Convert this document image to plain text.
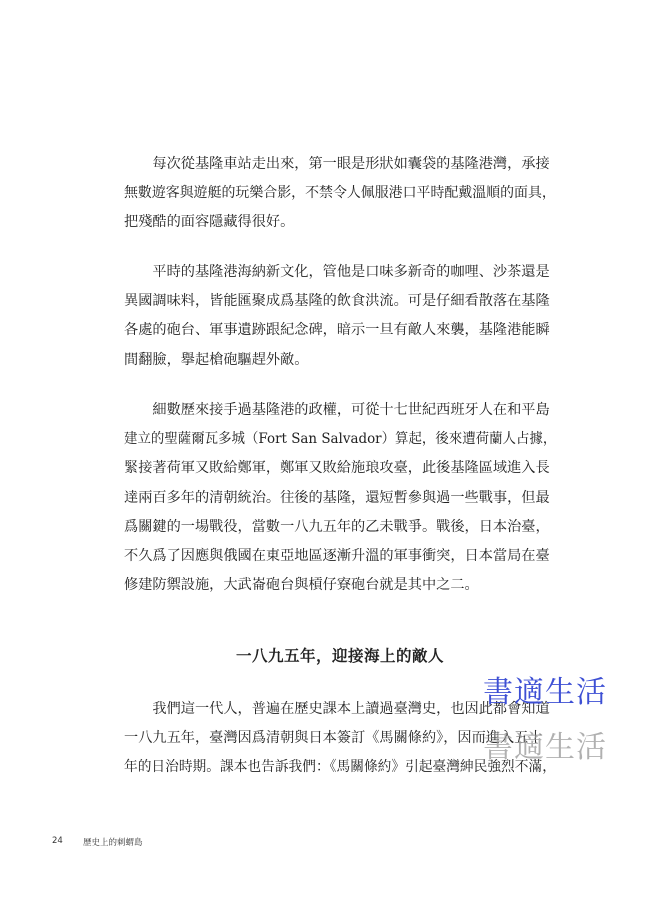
　　每次從基隆車站走出來，第一眼是形狀如囊袋的基隆港灣，承接
無數遊客與遊艇的玩樂合影，不禁令人佩服港口平時配戴溫順的面具，
把殘酷的面容隱藏得很好。

　　平時的基隆港海納新文化，管他是口味多新奇的咖哩、沙茶還是
異國調味料，皆能匯聚成爲基隆的飲食洪流。可是仔細看散落在基隆
各處的砲台、軍事遺跡跟紀念碑，暗示一旦有敵人來襲，基隆港能瞬
間翻臉，擧起槍砲驅趕外敵。

　　細數歷來接手過基隆港的政權，可從十七世紀西班牙人在和平島
建立的聖薩爾瓦多城（Fort San Salvador）算起，後來遭荷蘭人占據，
緊接著荷軍又敗給鄭軍，鄭軍又敗給施琅攻臺，此後基隆區域進入長
達兩百多年的清朝統治。往後的基隆，還短暫參與過一些戰事，但最
爲關鍵的一場戰役，當數一八九五年的乙未戰爭。戰後，日本治臺，
不久爲了因應與俄國在東亞地區逐漸升溫的軍事衝突，日本當局在臺
修建防禦設施，大武崙砲台與槓仔寮砲台就是其中之二。

一八九五年，迎接海上的敵人

　　我們這一代人，普遍在歷史課本上讀過臺灣史，也因此都會知道
一八九五年，臺灣因爲清朝與日本簽訂《馬關條約》，因而進入五十
年的日治時期。課本也告訴我們：《馬關條約》引起臺灣紳民強烈不滿，

書適生活
書適生活
24 歷史上的刺蝟島
